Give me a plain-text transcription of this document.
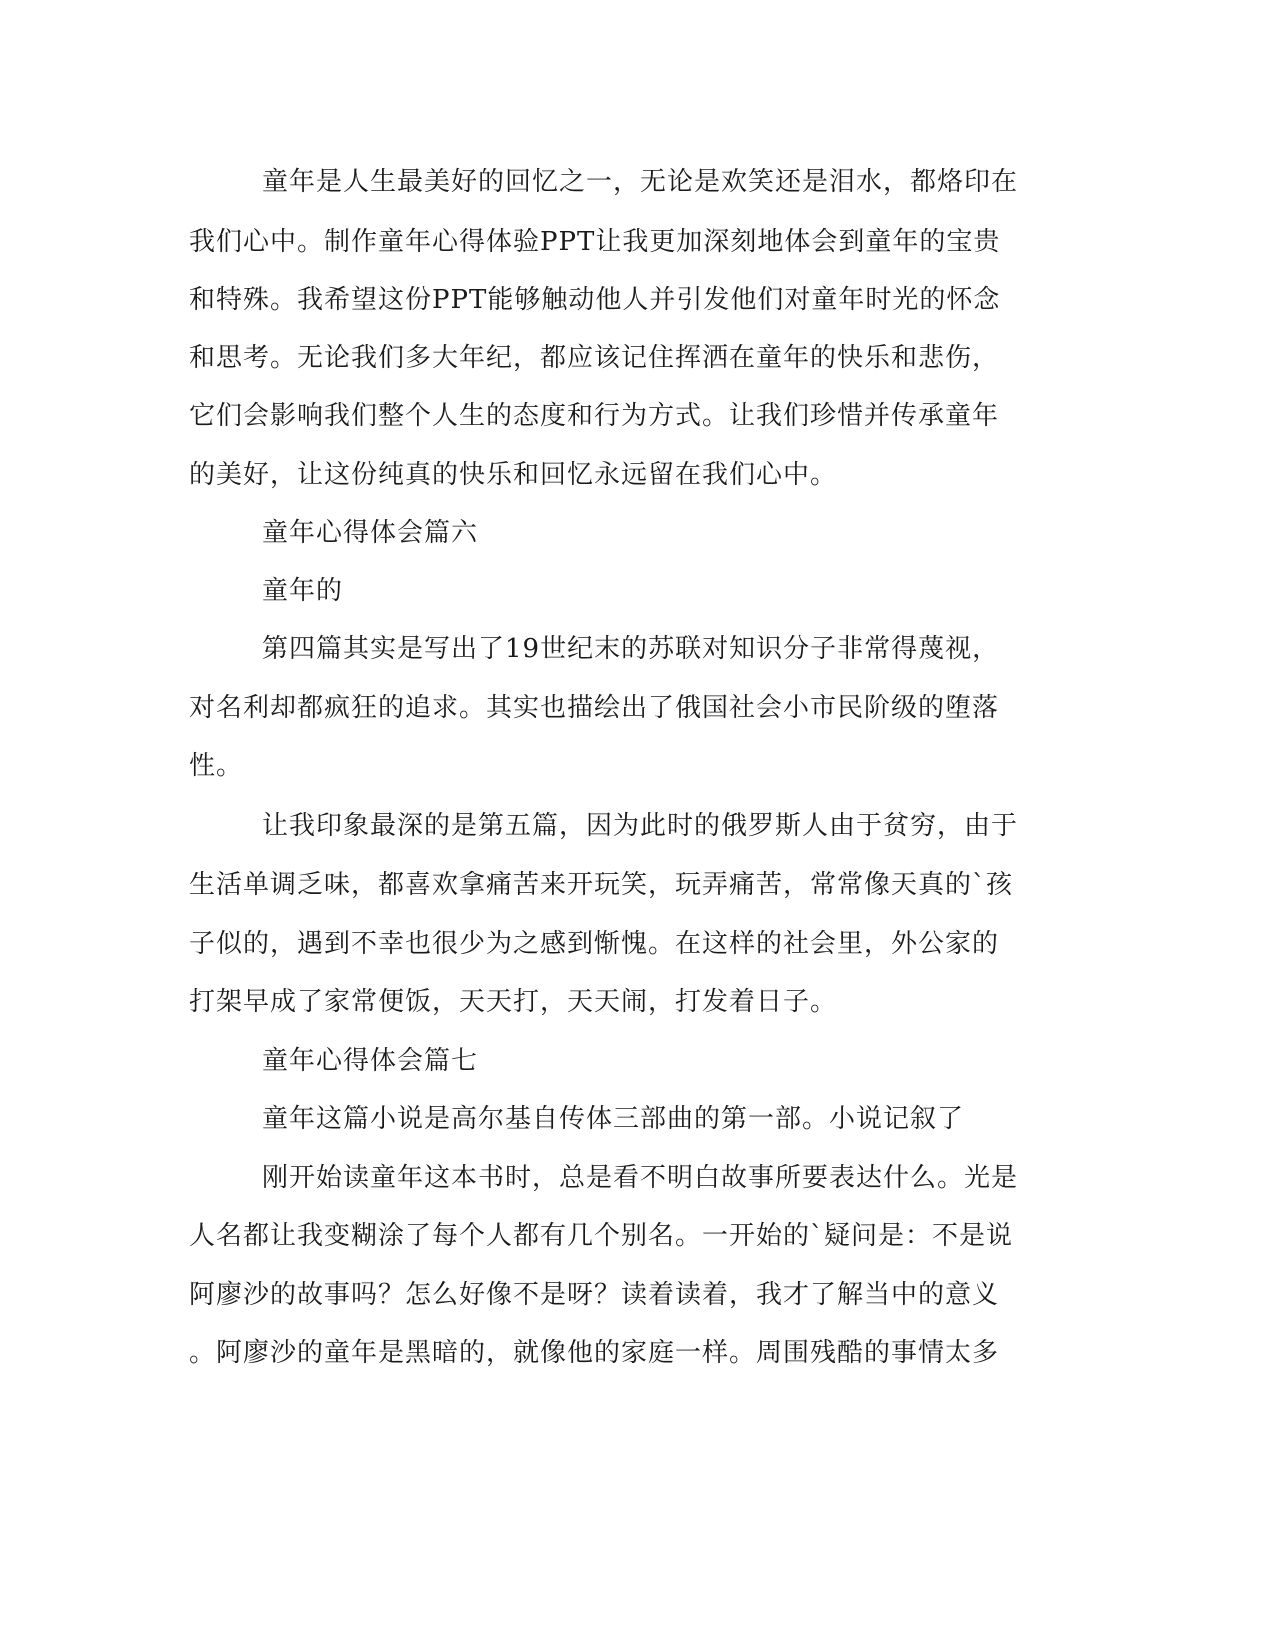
童年是人生最美好的回忆之一，无论是欢笑还是泪水，都烙印在
我们心中。制作童年心得体验PPT让我更加深刻地体会到童年的宝贵
和特殊。我希望这份PPT能够触动他人并引发他们对童年时光的怀念
和思考。无论我们多大年纪，都应该记住挥洒在童年的快乐和悲伤，
它们会影响我们整个人生的态度和行为方式。让我们珍惜并传承童年
的美好，让这份纯真的快乐和回忆永远留在我们心中。
童年心得体会篇六
童年的
第四篇其实是写出了19世纪末的苏联对知识分子非常得蔑视，
对名利却都疯狂的追求。其实也描绘出了俄国社会小市民阶级的堕落
性。
让我印象最深的是第五篇，因为此时的俄罗斯人由于贫穷，由于
生活单调乏味，都喜欢拿痛苦来开玩笑，玩弄痛苦，常常像天真的`孩
子似的，遇到不幸也很少为之感到惭愧。在这样的社会里，外公家的
打架早成了家常便饭，天天打，天天闹，打发着日子。
童年心得体会篇七
童年这篇小说是高尔基自传体三部曲的第一部。小说记叙了
刚开始读童年这本书时，总是看不明白故事所要表达什么。光是
人名都让我变糊涂了每个人都有几个别名。一开始的`疑问是：不是说
阿廖沙的故事吗？怎么好像不是呀？读着读着，我才了解当中的意义
。阿廖沙的童年是黑暗的，就像他的家庭一样。周围残酷的事情太多
